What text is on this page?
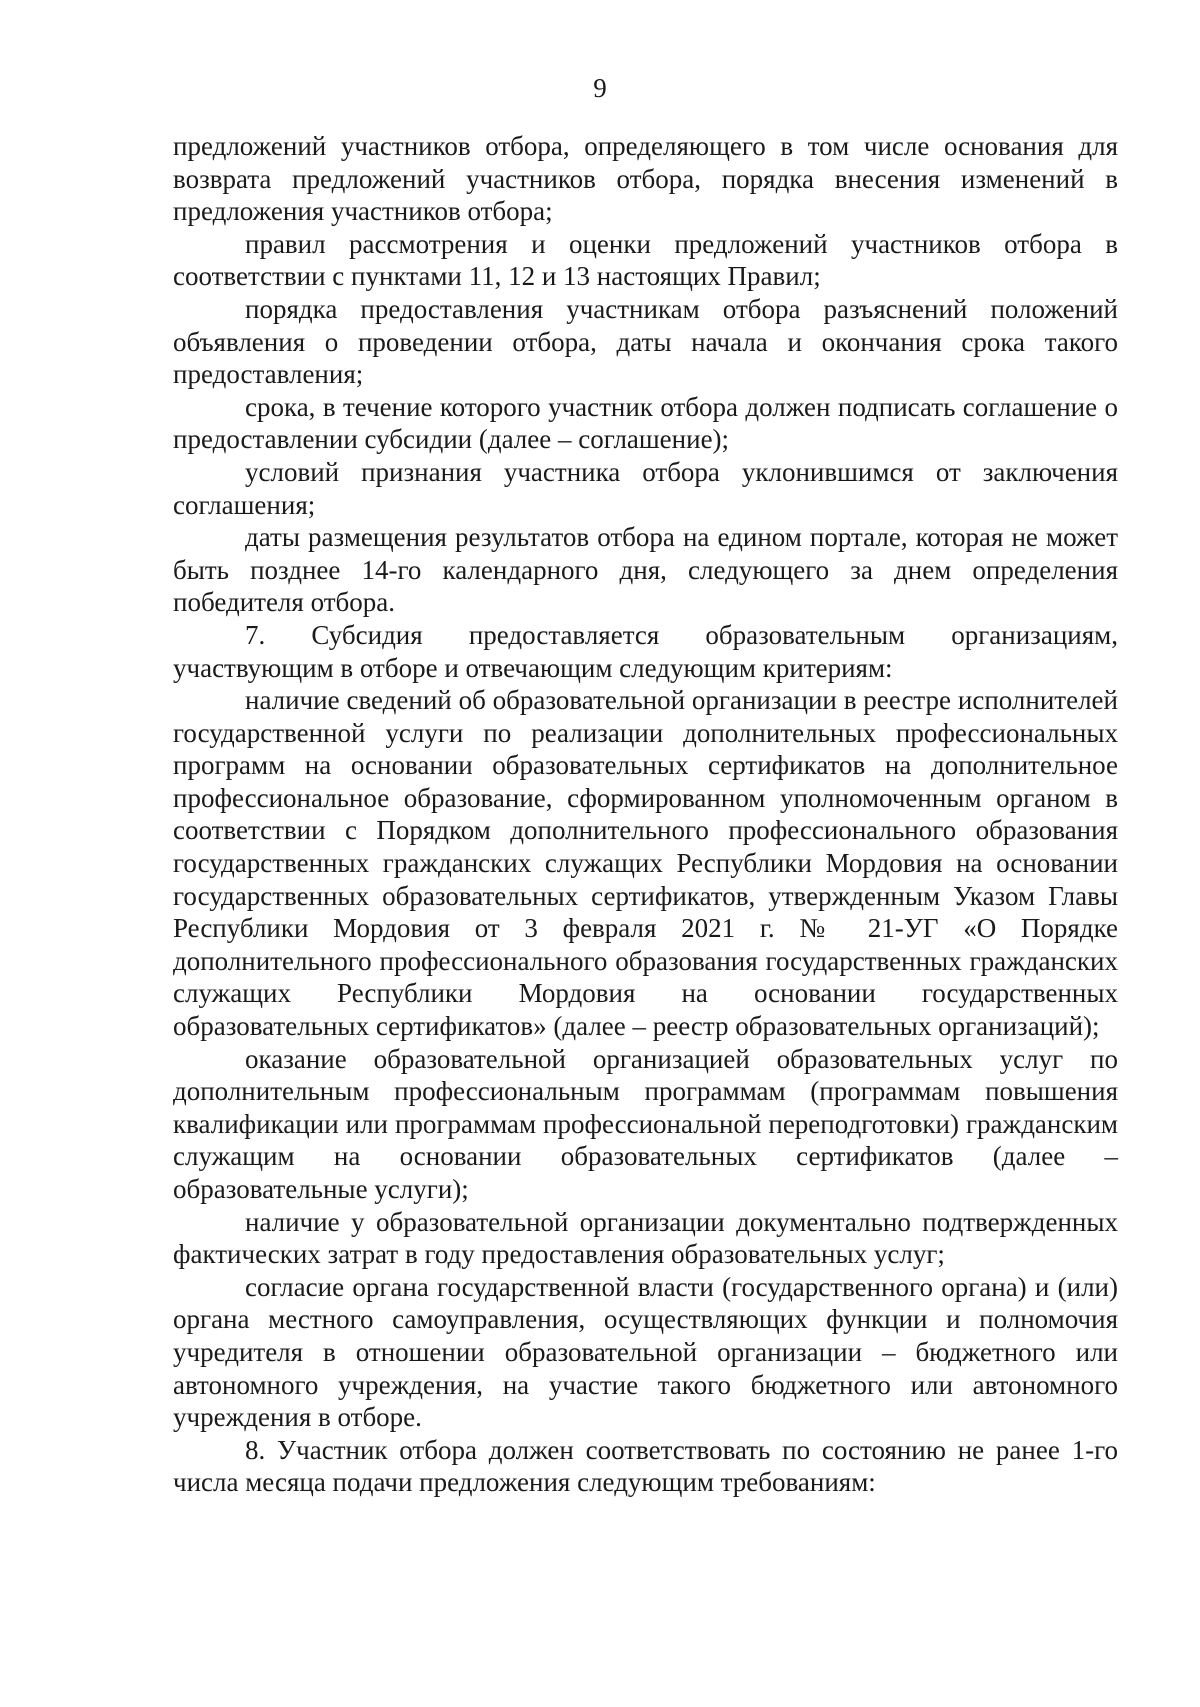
9

предложений участников отбора, определяющего в том числе основания для возврата предложений участников отбора, порядка внесения изменений в предложения участников отбора;

правил рассмотрения и оценки предложений участников отбора в соответствии с пунктами 11, 12 и 13 настоящих Правил;

порядка предоставления участникам отбора разъяснений положений объявления о проведении отбора, даты начала и окончания срока такого предоставления;

срока, в течение которого участник отбора должен подписать соглашение о предоставлении субсидии (далее – соглашение);

условий признания участника отбора уклонившимся от заключения соглашения;

даты размещения результатов отбора на едином портале, которая не может быть позднее 14-го календарного дня, следующего за днем определения победителя отбора.

7. Субсидия предоставляется образовательным организациям, участвующим в отборе и отвечающим следующим критериям:

наличие сведений об образовательной организации в реестре исполнителей государственной услуги по реализации дополнительных профессиональных программ на основании образовательных сертификатов на дополнительное профессиональное образование, сформированном уполномоченным органом в соответствии с Порядком дополнительного профессионального образования государственных гражданских служащих Республики Мордовия на основании государственных образовательных сертификатов, утвержденным Указом Главы Республики Мордовия от 3 февраля 2021 г. № 21-УГ «О Порядке дополнительного профессионального образования государственных гражданских служащих Республики Мордовия на основании государственных образовательных сертификатов» (далее – реестр образовательных организаций);

оказание образовательной организацией образовательных услуг по дополнительным профессиональным программам (программам повышения квалификации или программам профессиональной переподготовки) гражданским служащим на основании образовательных сертификатов (далее – образовательные услуги);

наличие у образовательной организации документально подтвержденных фактических затрат в году предоставления образовательных услуг;

согласие органа государственной власти (государственного органа) и (или) органа местного самоуправления, осуществляющих функции и полномочия учредителя в отношении образовательной организации – бюджетного или автономного учреждения, на участие такого бюджетного или автономного учреждения в отборе.

8. Участник отбора должен соответствовать по состоянию не ранее 1-го числа месяца подачи предложения следующим требованиям:
